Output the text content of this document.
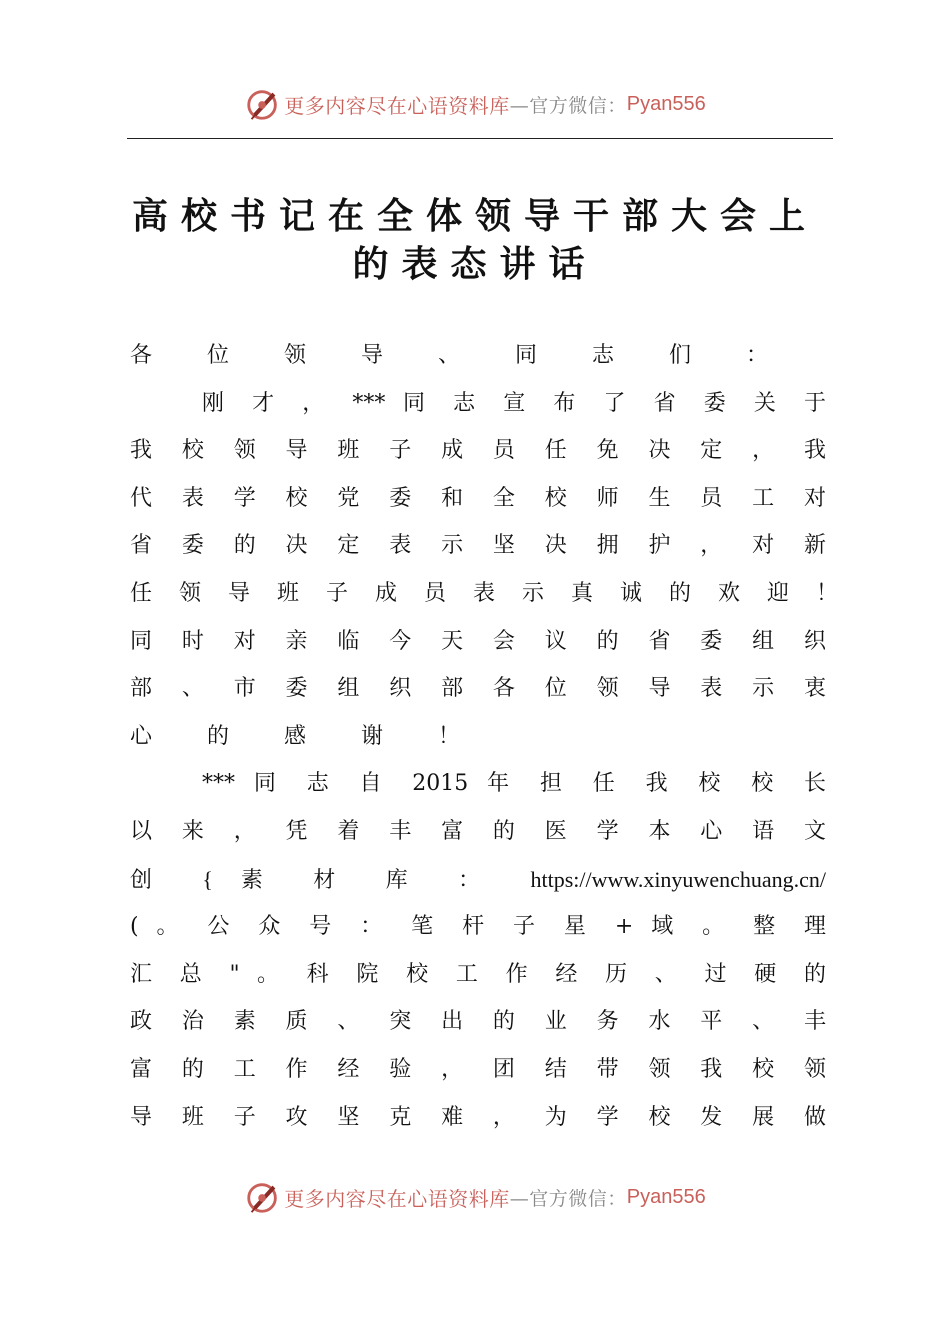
更多内容尽在心语资料库 —官方微信： Pyan556
高校书记在全体领导干部大会上
的表态讲话
各 位 领 导 、 同 志 们 ：
刚 才 ， *** 同 志 宣 布 了 省 委 关 于
我 校 领 导 班 子 成 员 任 免 决 定 ， 我
代 表 学 校 党 委 和 全 校 师 生 员 工 对
省 委 的 决 定 表 示 坚 决 拥 护 ， 对 新
任 领 导 班 子 成 员 表 示 真 诚 的 欢 迎 ！
同 时 对 亲 临 今 天 会 议 的 省 委 组 织
部 、 市 委 组 织 部 各 位 领 导 表 示 衷
心 的 感 谢 ！
*** 同 志 自 2015 年 担 任 我 校 校 长
以 来 ， 凭 着 丰 富 的 医 学 本 心 语 文
创 { 素 材 库 ： https://www.xinyuwenchuang.cn/
( 。 公 众 号 ： 笔 杆 子 星 + 域 。 整 理
汇 总 " 。 科 院 校 工 作 经 历 、 过 硬 的
政 治 素 质 、 突 出 的 业 务 水 平 、 丰
富 的 工 作 经 验 ， 团 结 带 领 我 校 领
导 班 子 攻 坚 克 难 ， 为 学 校 发 展 做
更多内容尽在心语资料库 —官方微信： Pyan556
